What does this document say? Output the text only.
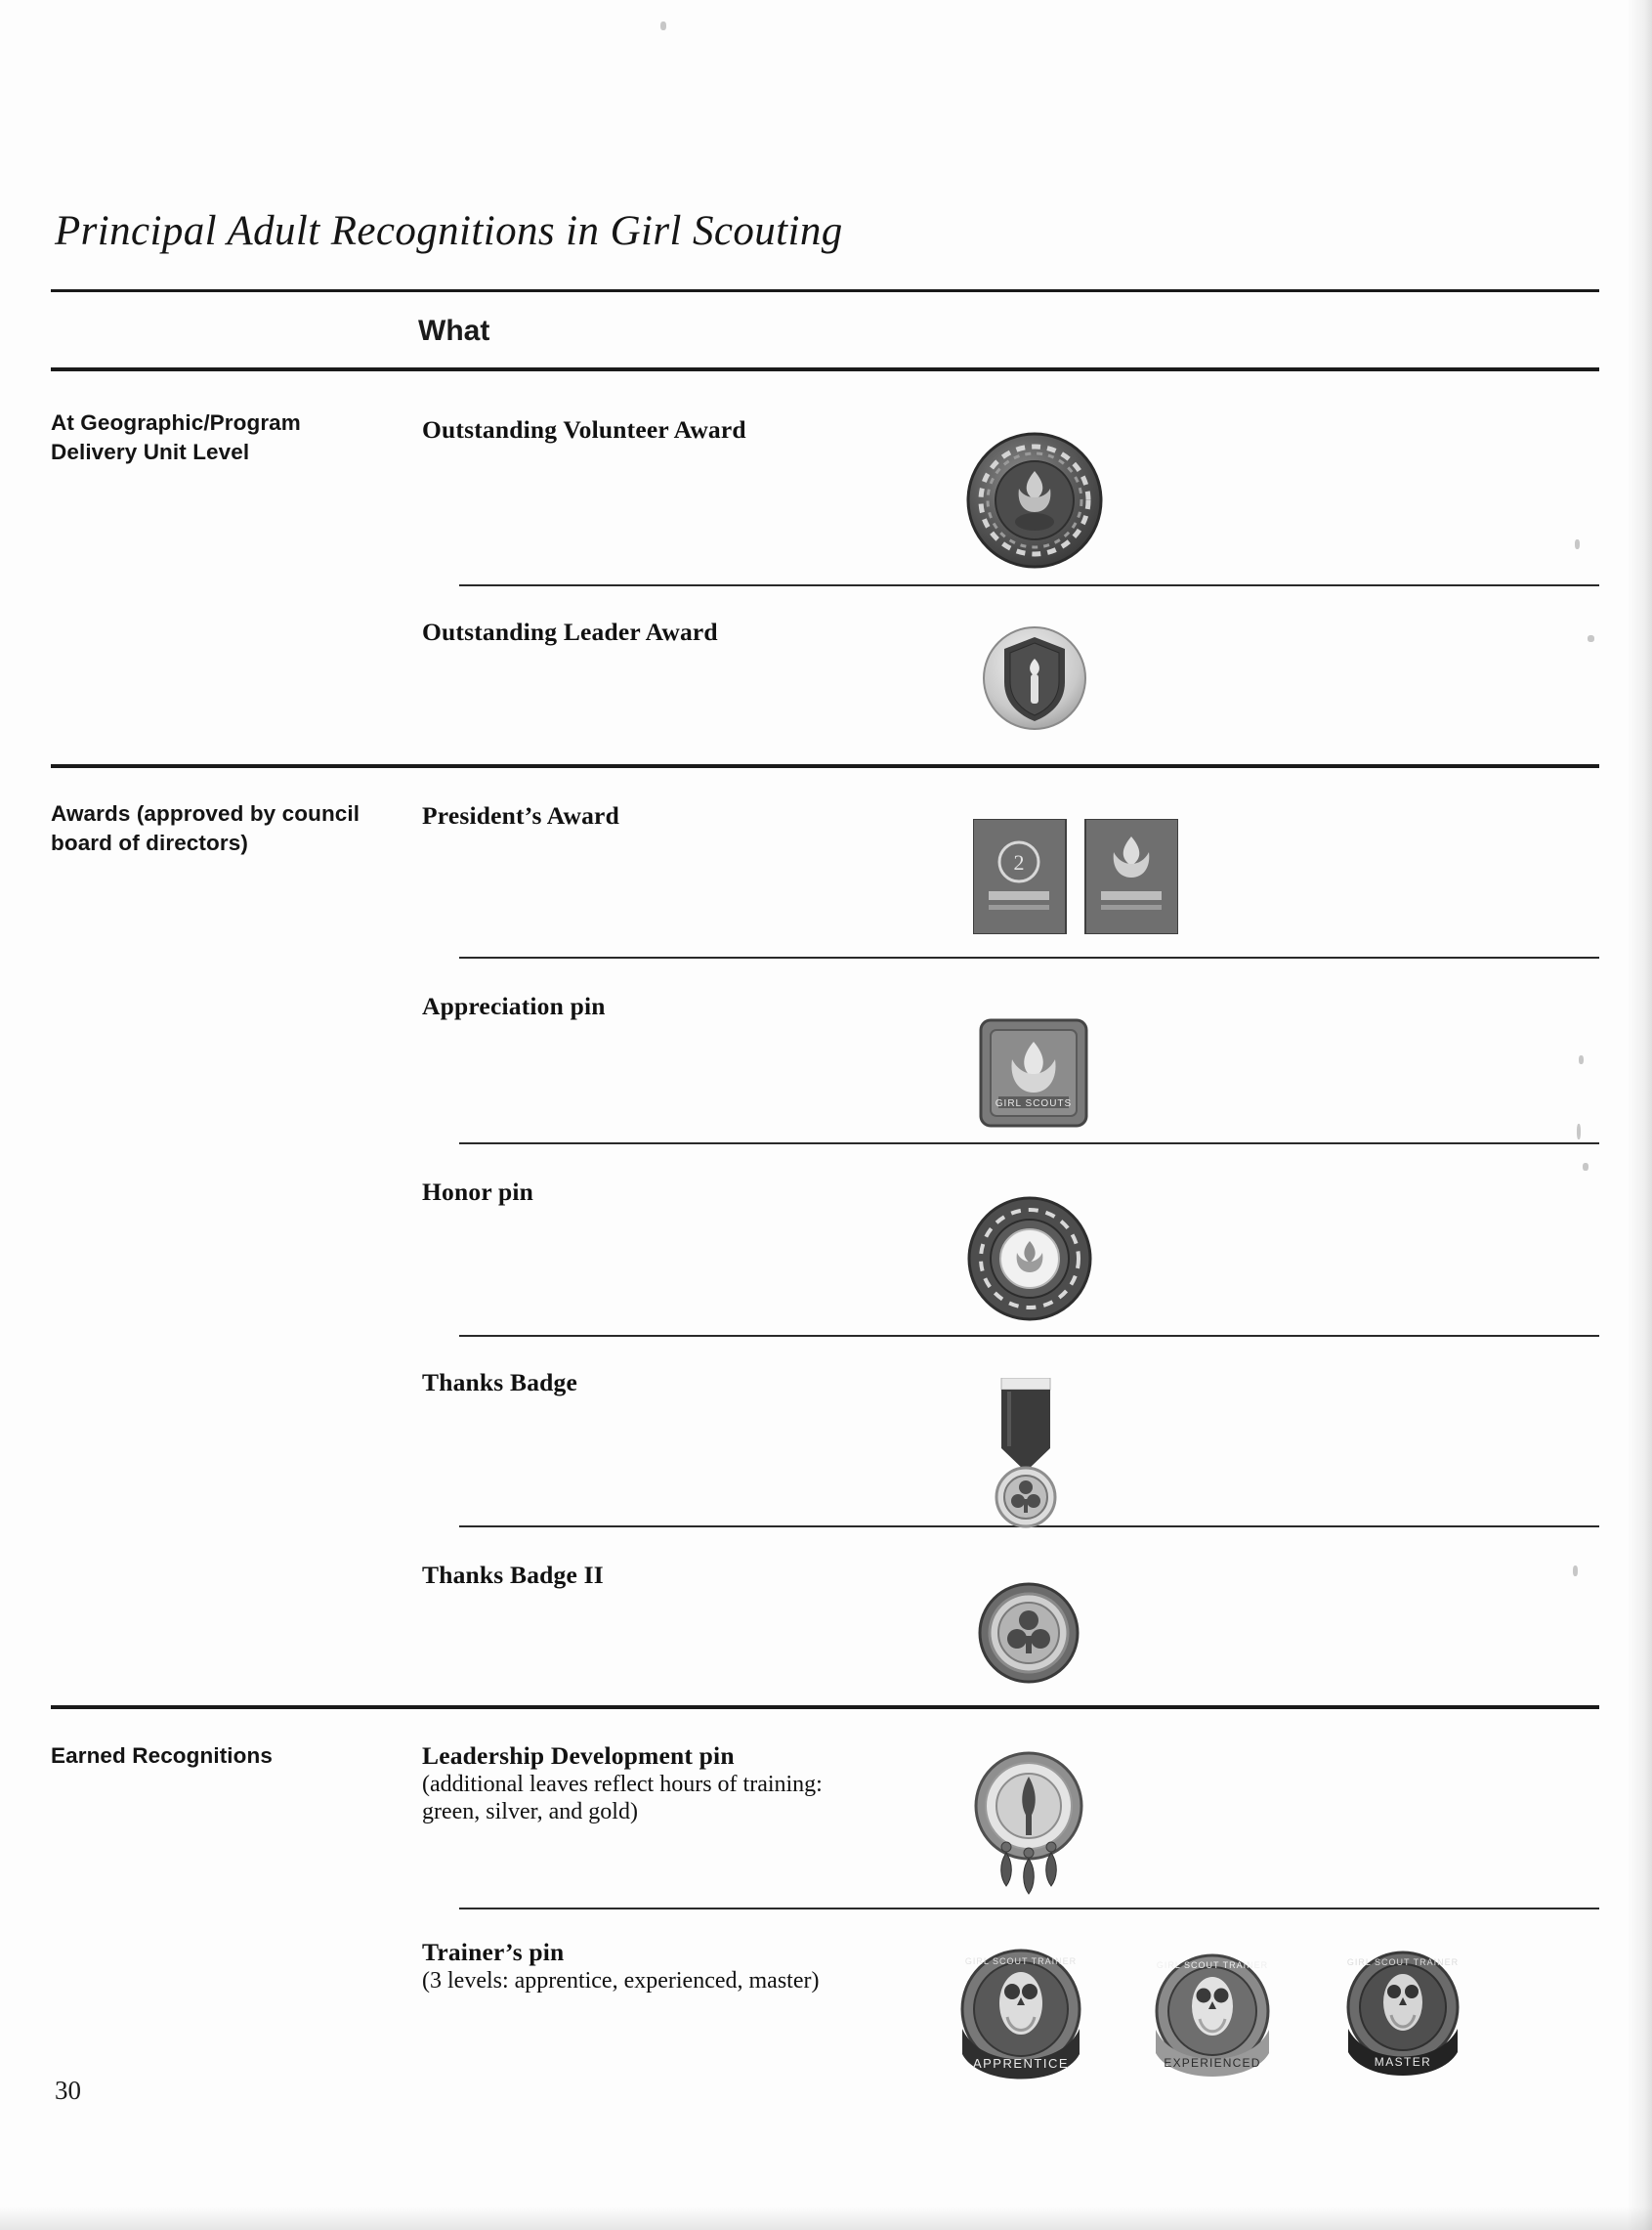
Principal Adult Recognitions in Girl Scouting
What
At Geographic/Program Delivery Unit Level
Outstanding Volunteer Award
Outstanding Leader Award
Awards (approved by council board of directors)
President’s Award
2
Appreciation pin
GIRL SCOUTS
Honor pin
Thanks Badge
Thanks Badge II
Earned Recognitions	Leadership Development pin
(additional leaves reflect hours of training: green, silver, and gold)
Trainer’s pin
(3 levels: apprentice, experienced, master)
APPRENTICE
GIRL SCOUT TRAINER
EXPERIENCED
GIRL SCOUT TRAINER
MASTER
GIRL SCOUT TRAINER
30
